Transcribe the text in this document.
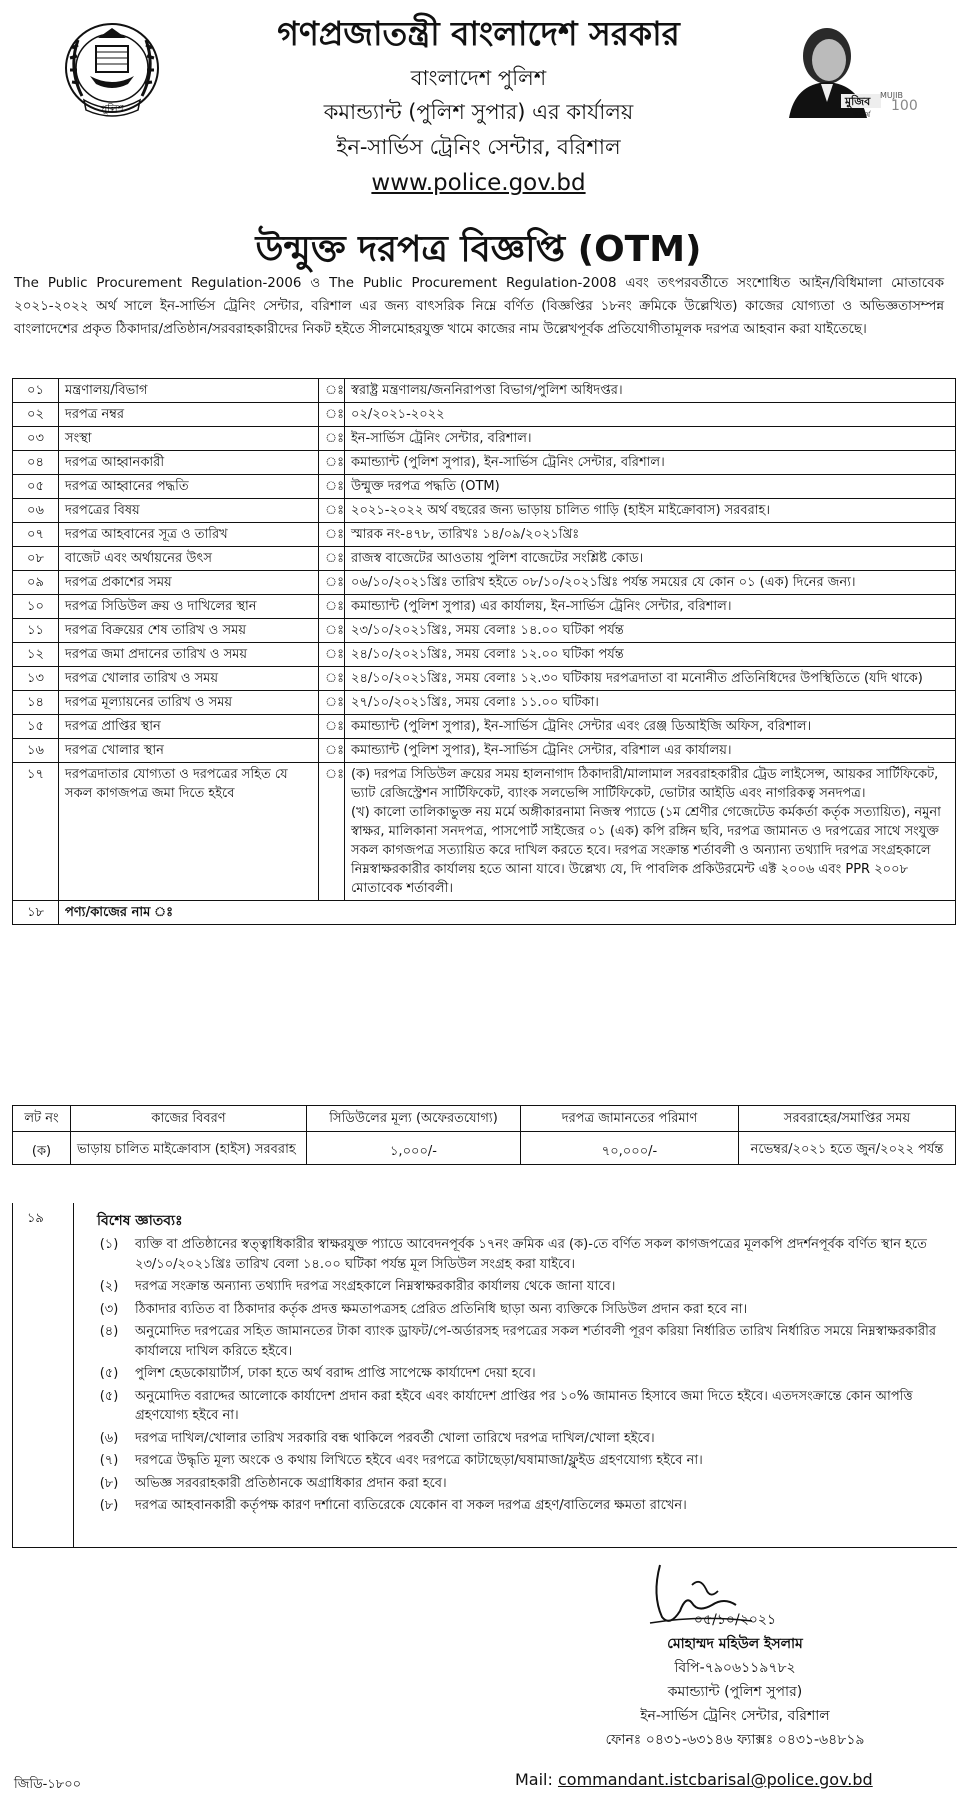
পুলিশ
মুজিব MUJIB
100
শতবর্ষ
গণপ্রজাতন্ত্রী বাংলাদেশ সরকার
বাংলাদেশ পুলিশ
কমান্ড্যান্ট (পুলিশ সুপার) এর কার্যালয়
ইন-সার্ভিস ট্রেনিং সেন্টার, বরিশাল
www.police.gov.bd
উন্মুক্ত দরপত্র বিজ্ঞপ্তি (OTM)
The Public Procurement Regulation-2006 ও The Public Procurement Regulation-2008 এবং তৎপরবর্তীতে সংশোধিত আইন/বিধিমালা মোতাবেক ২০২১-২০২২ অর্থ সালে ইন-সার্ভিস ট্রেনিং সেন্টার, বরিশাল এর জন্য বাৎসরিক নিম্নে বর্ণিত (বিজ্ঞপ্তির ১৮নং ক্রমিকে উল্লেখিত) কাজের যোগ্যতা ও অভিজ্ঞতাসম্পন্ন বাংলাদেশের প্রকৃত ঠিকাদার/প্রতিষ্ঠান/সরবরাহকারীদের নিকট হইতে সীলমোহরযুক্ত খামে কাজের নাম উল্লেখপূর্বক প্রতিযোগীতামূলক দরপত্র আহবান করা যাইতেছে।
০১	মন্ত্রণালয়/বিভাগ	ঃ	স্বরাষ্ট্র মন্ত্রণালয়/জননিরাপত্তা বিভাগ/পুলিশ অধিদপ্তর।
০২	দরপত্র নম্বর	ঃ	০২/২০২১-২০২২
০৩	সংস্থা	ঃ	ইন-সার্ভিস ট্রেনিং সেন্টার, বরিশাল।
০৪	দরপত্র আহ্বানকারী	ঃ	কমান্ড্যান্ট (পুলিশ সুপার), ইন-সার্ভিস ট্রেনিং সেন্টার, বরিশাল।
০৫	দরপত্র আহ্বানের পদ্ধতি	ঃ	উন্মুক্ত দরপত্র পদ্ধতি (OTM)
০৬	দরপত্রের বিষয়	ঃ	২০২১-২০২২ অর্থ বছরের জন্য ভাড়ায় চালিত গাড়ি (হাইস মাইক্রোবাস) সরবরাহ।
০৭	দরপত্র আহবানের সূত্র ও তারিখ	ঃ	স্মারক নং-৪৭৮, তারিখঃ ১৪/০৯/২০২১খ্রিঃ
০৮	বাজেট এবং অর্থায়নের উৎস	ঃ	রাজস্ব বাজেটের আওতায় পুলিশ বাজেটের সংশ্লিষ্ট কোড।
০৯	দরপত্র প্রকাশের সময়	ঃ	০৬/১০/২০২১খ্রিঃ তারিখ হইতে ০৮/১০/২০২১খ্রিঃ পর্যন্ত সময়ের যে কোন ০১ (এক) দিনের জন্য।
১০	দরপত্র সিডিউল ক্রয় ও দাখিলের স্থান	ঃ	কমান্ড্যান্ট (পুলিশ সুপার) এর কার্যালয়, ইন-সার্ভিস ট্রেনিং সেন্টার, বরিশাল।
১১	দরপত্র বিক্রয়ের শেষ তারিখ ও সময়	ঃ	২৩/১০/২০২১খ্রিঃ, সময় বেলাঃ ১৪.০০ ঘটিকা পর্যন্ত
১২	দরপত্র জমা প্রদানের তারিখ ও সময়	ঃ	২৪/১০/২০২১খ্রিঃ, সময় বেলাঃ ১২.০০ ঘটিকা পর্যন্ত
১৩	দরপত্র খোলার তারিখ ও সময়	ঃ	২৪/১০/২০২১খ্রিঃ, সময় বেলাঃ ১২.৩০ ঘটিকায় দরপত্রদাতা বা মনোনীত প্রতিনিধিদের উপস্থিতিতে (যদি থাকে)
১৪	দরপত্র মূল্যায়নের তারিখ ও সময়	ঃ	২৭/১০/২০২১খ্রিঃ, সময় বেলাঃ ১১.০০ ঘটিকা।
১৫	দরপত্র প্রাপ্তির স্থান	ঃ	কমান্ড্যান্ট (পুলিশ সুপার), ইন-সার্ভিস ট্রেনিং সেন্টার এবং রেঞ্জ ডিআইজি অফিস, বরিশাল।
১৬	দরপত্র খোলার স্থান	ঃ	কমান্ড্যান্ট (পুলিশ সুপার), ইন-সার্ভিস ট্রেনিং সেন্টার, বরিশাল এর কার্যালয়।
১৭	দরপত্রদাতার যোগ্যতা ও দরপত্রের সহিত যে সকল কাগজপত্র জমা দিতে হইবে	ঃ	(ক) দরপত্র সিডিউল ক্রয়ের সময় হালনাগাদ ঠিকাদারী/মালামাল সরবরাহকারীর ট্রেড লাইসেন্স, আয়কর সার্টিফিকেট, ভ্যাট রেজিস্ট্রেশন সার্টিফিকেট, ব্যাংক সলভেন্সি সার্টিফিকেট, ভোটার আইডি এবং নাগরিকত্ব সনদপত্র।
(খ) কালো তালিকাভুক্ত নয় মর্মে অঙ্গীকারনামা নিজস্ব প্যাডে (১ম শ্রেণীর গেজেটেড কর্মকর্তা কর্তৃক সত্যায়িত), নমুনা স্বাক্ষর, মালিকানা সনদপত্র, পাসপোর্ট সাইজের ০১ (এক) কপি রঙ্গিন ছবি, দরপত্র জামানত ও দরপত্রের সাথে সংযুক্ত সকল কাগজপত্র সত্যায়িত করে দাখিল করতে হবে। দরপত্র সংক্রান্ত শর্তাবলী ও অন্যান্য তথ্যাদি দরপত্র সংগ্রহকালে নিম্নস্বাক্ষরকারীর কার্যালয় হতে আনা যাবে। উল্লেখ্য যে, দি পাবলিক প্রকিউরমেন্ট এক্ট ২০০৬ এবং PPR ২০০৮ মোতাবেক শর্তাবলী।

১৮	পণ্য/কাজের নাম ঃ		
লট নং	কাজের বিবরণ	সিডিউলের মূল্য (অফেরতযোগ্য)	দরপত্র জামানতের পরিমাণ	সরবরাহের/সমাপ্তির সময়
(ক)	ভাড়ায় চালিত মাইক্রোবাস (হাইস) সরবরাহ	১,০০০/-	৭০,০০০/-	নভেম্বর/২০২১ হতে জুন/২০২২ পর্যন্ত
১৯	বিশেষ জ্ঞাতব্যঃ
(১)	ব্যক্তি বা প্রতিষ্ঠানের স্বত্ত্বাধিকারীর স্বাক্ষরযুক্ত প্যাডে আবেদনপূর্বক ১৭নং ক্রমিক এর (ক)-তে বর্ণিত সকল কাগজপত্রের মূলকপি প্রদর্শনপূর্বক বর্ণিত স্থান হতে ২৩/১০/২০২১খ্রিঃ তারিখ বেলা ১৪.০০ ঘটিকা পর্যন্ত মূল সিডিউল সংগ্রহ করা যাইবে।
(২)	দরপত্র সংক্রান্ত অন্যান্য তথ্যাদি দরপত্র সংগ্রহকালে নিম্নস্বাক্ষরকারীর কার্যালয় থেকে জানা যাবে।
(৩)	ঠিকাদার ব্যতিত বা ঠিকাদার কর্তৃক প্রদত্ত ক্ষমতাপত্রসহ প্রেরিত প্রতিনিধি ছাড়া অন্য ব্যক্তিকে সিডিউল প্রদান করা হবে না।
(৪)	অনুমোদিত দরপত্রের সহিত জামানতের টাকা ব্যাংক ড্রাফট/পে-অর্ডারসহ দরপত্রের সকল শর্তাবলী পূরণ করিয়া নির্ধারিত তারিখ নির্ধারিত সময়ে নিম্নস্বাক্ষরকারীর কার্যালয়ে দাখিল করিতে হইবে।
(৫)	পুলিশ হেডকোয়ার্টার্স, ঢাকা হতে অর্থ বরাদ্দ প্রাপ্তি সাপেক্ষে কার্যাদেশ দেয়া হবে।
(৫)	অনুমোদিত বরাদ্দের আলোকে কার্যাদেশ প্রদান করা হইবে এবং কার্যাদেশ প্রাপ্তির পর ১০% জামানত হিসাবে জমা দিতে হইবে। এতদসংক্রান্তে কোন আপত্তি গ্রহণযোগ্য হইবে না।
(৬)	দরপত্র দাখিল/খোলার তারিখ সরকারি বন্ধ থাকিলে পরবর্তী খোলা তারিখে দরপত্র দাখিল/খোলা হইবে।
(৭)	দরপত্রে উদ্ধৃতি মূল্য অংকে ও কথায় লিখিতে হইবে এবং দরপত্রে কাটাছেড়া/ঘষামাজা/ফ্লুইড গ্রহণযোগ্য হইবে না।
(৮)	অভিজ্ঞ সরবরাহকারী প্রতিষ্ঠানকে অগ্রাধিকার প্রদান করা হবে।
(৮)	দরপত্র আহবানকারী কর্তৃপক্ষ কারণ দর্শানো ব্যতিরেকে যেকোন বা সকল দরপত্র গ্রহণ/বাতিলের ক্ষমতা রাখেন।
০৫/১০/২০২১
মোহাম্মদ মহিউল ইসলাম
বিপি-৭৯০৬১১৯৭৮২
কমান্ড্যান্ট (পুলিশ সুপার)
ইন-সার্ভিস ট্রেনিং সেন্টার, বরিশাল
ফোনঃ ০৪৩১-৬৩১৪৬ ফ্যাক্সঃ ০৪৩১-৬৪৮১৯
জিডি-১৮০০	Mail: commandant.istcbarisal@police.gov.bd
